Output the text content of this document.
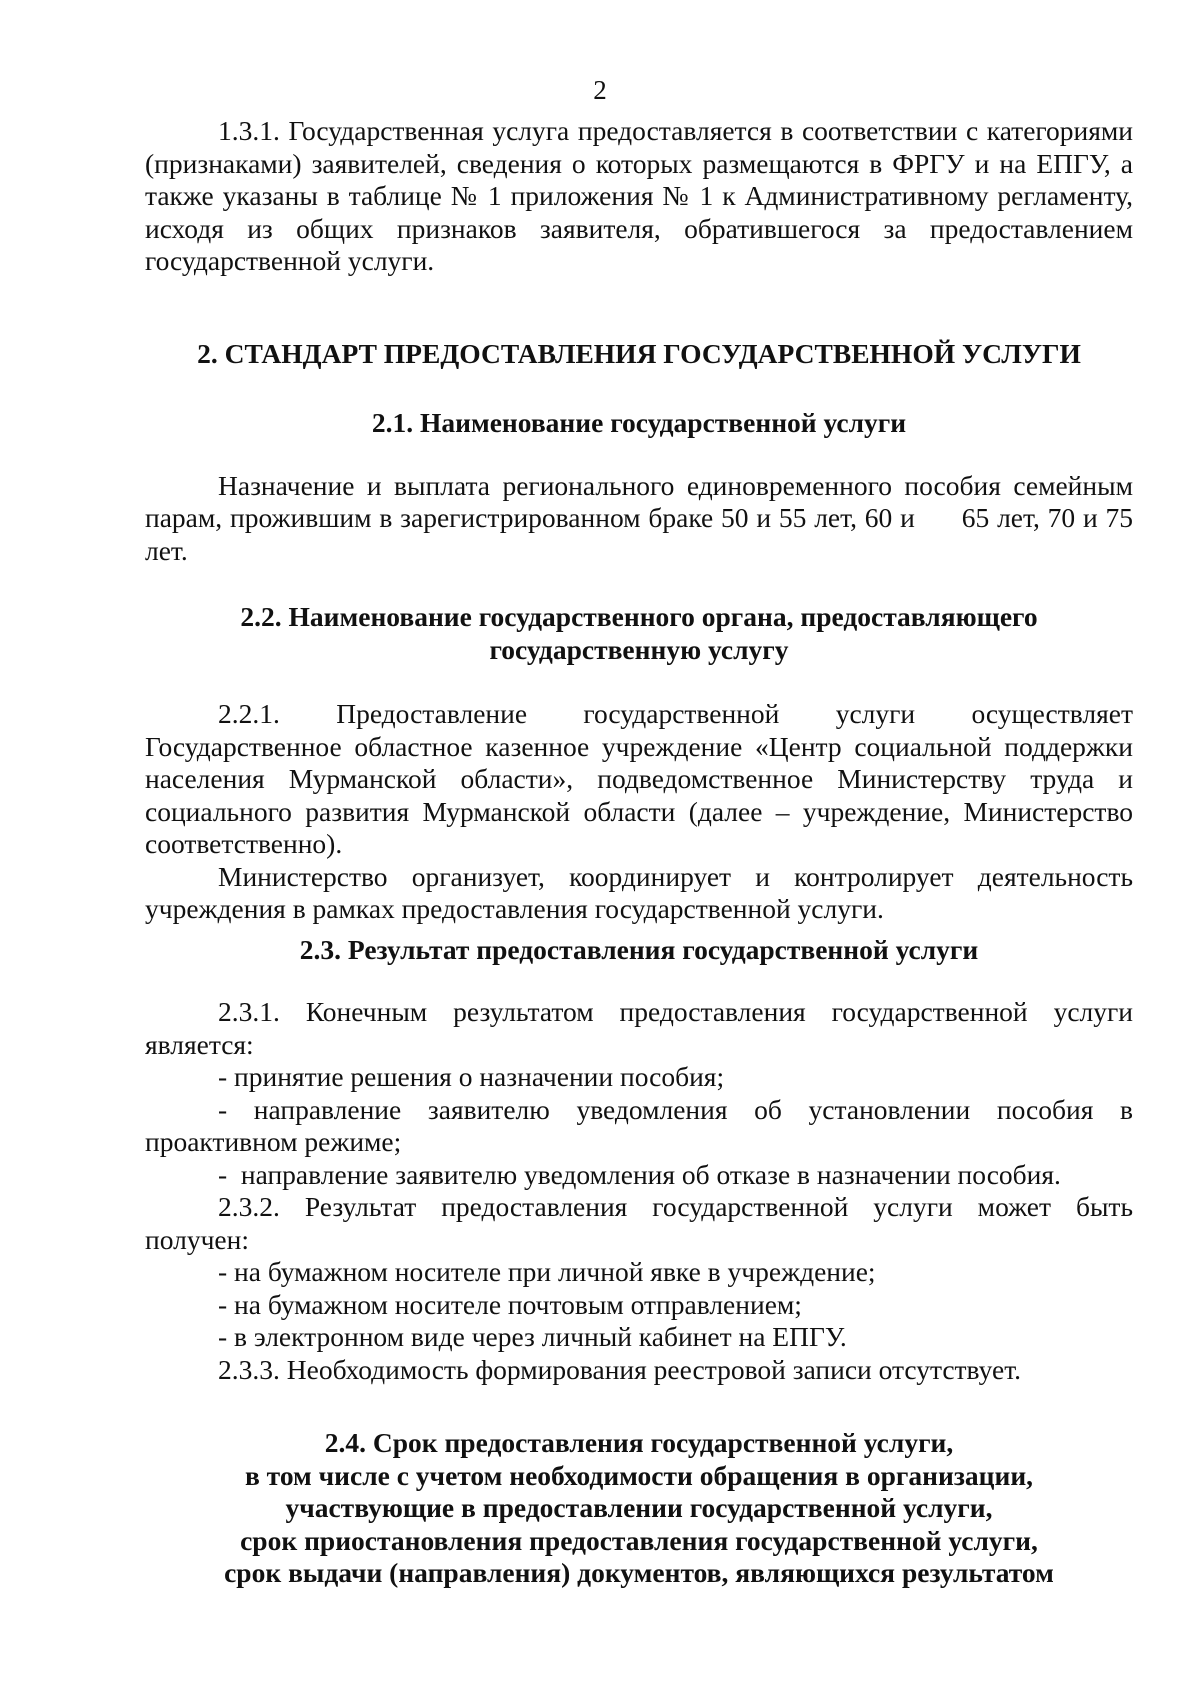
2

1.3.1. Государственная услуга предоставляется в соответствии с категориями (признаками) заявителей, сведения о которых размещаются в ФРГУ и на ЕПГУ, а также указаны в таблице № 1 приложения № 1 к Административному регламенту, исходя из общих признаков заявителя, обратившегося за предоставлением государственной услуги.

2. СТАНДАРТ ПРЕДОСТАВЛЕНИЯ ГОСУДАРСТВЕННОЙ УСЛУГИ
2.1. Наименование государственной услуги

Назначение и выплата регионального единовременного пособия семейным парам, прожившим в зарегистрированном браке 50 и 55 лет, 60 и      65 лет, 70 и 75 лет.

2.2. Наименование государственного органа, предоставляющего
государственную услугу

2.2.1. Предоставление государственной услуги осуществляет Государственное областное казенное учреждение «Центр социальной поддержки населения Мурманской области», подведомственное Министерству труда и социального развития Мурманской области (далее – учреждение, Министерство соответственно).

Министерство организует, координирует и контролирует деятельность учреждения в рамках предоставления государственной услуги.

2.3. Результат предоставления государственной услуги

2.3.1. Конечным результатом предоставления государственной услуги является:

- принятие решения о назначении пособия;

- направление заявителю уведомления об установлении пособия в проактивном режиме;

-  направление заявителю уведомления об отказе в назначении пособия.

2.3.2. Результат предоставления государственной услуги может быть получен:

- на бумажном носителе при личной явке в учреждение;

- на бумажном носителе почтовым отправлением;

- в электронном виде через личный кабинет на ЕПГУ.

2.3.3. Необходимость формирования реестровой записи отсутствует.

2.4. Срок предоставления государственной услуги,
в том числе с учетом необходимости обращения в организации,
участвующие в предоставлении государственной услуги,
срок приостановления предоставления государственной услуги,
срок выдачи (направления) документов, являющихся результатом
